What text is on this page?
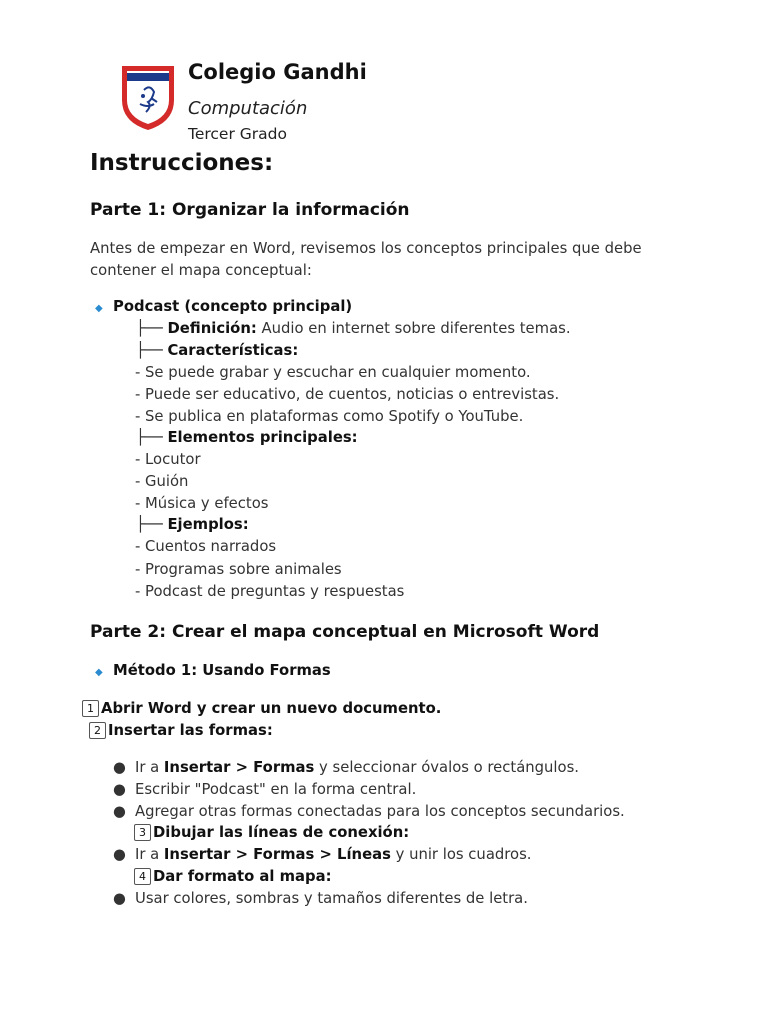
Colegio Gandhi
Computación
Tercer Grado
Instrucciones:
Parte 1: Organizar la información
Antes de empezar en Word, revisemos los conceptos principales que debe
contener el mapa conceptual:
◆ Podcast (concepto principal)
├── Definición: Audio en internet sobre diferentes temas.
├── Características:
- Se puede grabar y escuchar en cualquier momento.
- Puede ser educativo, de cuentos, noticias o entrevistas.
- Se publica en plataformas como Spotify o YouTube.
├── Elementos principales:
- Locutor
- Guión
- Música y efectos
├── Ejemplos:
- Cuentos narrados
- Programas sobre animales
- Podcast de preguntas y respuestas
Parte 2: Crear el mapa conceptual en Microsoft Word
◆ Método 1: Usando Formas
1 Abrir Word y crear un nuevo documento.
2 Insertar las formas:
● Ir a Insertar > Formas y seleccionar óvalos o rectángulos.
● Escribir "Podcast" en la forma central.
● Agregar otras formas conectadas para los conceptos secundarios.
3 Dibujar las líneas de conexión:
● Ir a Insertar > Formas > Líneas y unir los cuadros.
4 Dar formato al mapa:
● Usar colores, sombras y tamaños diferentes de letra.
